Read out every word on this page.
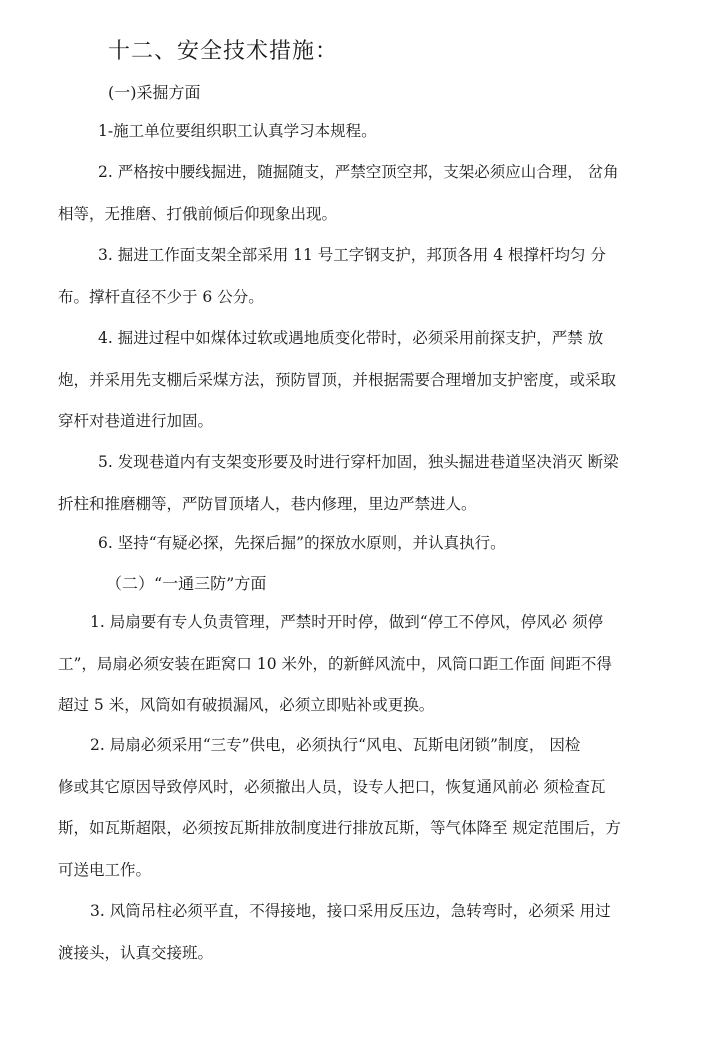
十二、安全技术措施：
(一)采掘方面
1-施工单位要组织职工认真学习本规程。
2. 严格按中腰线掘进，随掘随支，严禁空顶空邦，支架必须应山合理， 岔角
相等，无推磨、打俄前倾后仰现象出现。
3. 掘进工作面支架全部采用 11 号工字钢支护，邦顶各用 4 根撑杆均匀 分
布。撑杆直径不少于 6 公分。
4. 掘进过程中如煤体过软或遇地质变化带时，必须采用前探支护，严禁 放
炮，并采用先支棚后采煤方法，预防冒顶，并根据需要合理增加支护密度，或采取
穿杆对巷道进行加固。
5. 发现巷道内有支架变形要及时进行穿杆加固，独头掘进巷道坚决消灭 断梁
折柱和推磨棚等，严防冒顶堵人，巷内修理，里边严禁进人。
6. 坚持“有疑必探，先探后掘”的探放水原则，并认真执行。
（二）“一通三防”方面
1. 局扇要有专人负责管理，严禁时开时停，做到“停工不停风，停风必 须停
工”，局扇必须安装在距窝口 10 米外，的新鲜风流中，风筒口距工作面 间距不得
超过 5 米，风筒如有破损漏风，必须立即贴补或更换。
2. 局扇必须采用“三专”供电，必须执行“风电、瓦斯电闭锁”制度， 因检
修或其它原因导致停风时，必须撤出人员，设专人把口，恢复通风前必 须检查瓦
斯，如瓦斯超限，必须按瓦斯排放制度进行排放瓦斯，等气体降至 规定范围后，方
可送电工作。
3. 风筒吊柱必须平直，不得接地，接口采用反压边，急转弯时，必须采 用过
渡接头，认真交接班。
